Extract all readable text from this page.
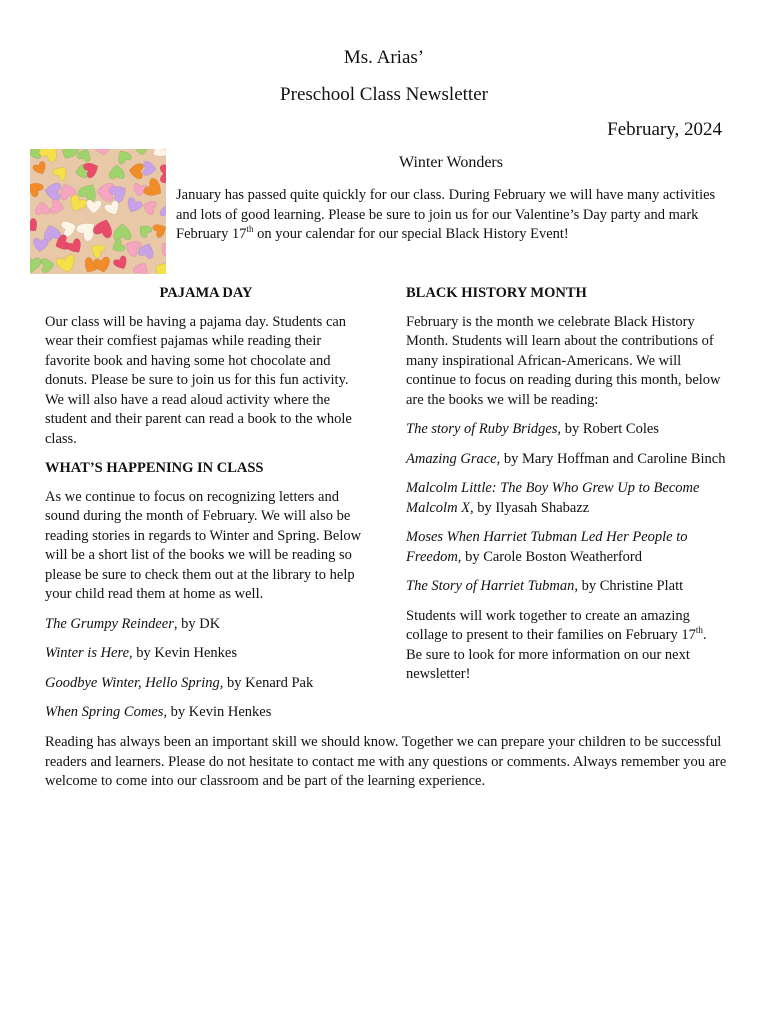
Ms. Arias’
Preschool Class Newsletter
February, 2024
Winter Wonders
January has passed quite quickly for our class. During February we will have many activities and lots of good learning. Please be sure to join us for our Valentine’s Day party and mark February 17th on your calendar for our special Black History Event!
PAJAMA DAY

Our class will be having a pajama day. Students can wear their comfiest pajamas while reading their favorite book and having some hot chocolate and donuts. Please be sure to join us for this fun activity. We will also have a read aloud activity where the student and their parent can read a book to the whole class.

WHAT’S HAPPENING IN CLASS

As we continue to focus on recognizing letters and sound during the month of February. We will also be reading stories in regards to Winter and Spring. Below will be a short list of the books we will be reading so please be sure to check them out at the library to help your child read them at home as well.

The Grumpy Reindeer, by DK
Winter is Here, by Kevin Henkes
Goodbye Winter, Hello Spring, by Kenard Pak
When Spring Comes, by Kevin Henkes
BLACK HISTORY MONTH

February is the month we celebrate Black History Month. Students will learn about the contributions of many inspirational African-Americans. We will continue to focus on reading during this month, below are the books we will be reading:

The story of Ruby Bridges, by Robert Coles
Amazing Grace, by Mary Hoffman and Caroline Binch
Malcolm Little: The Boy Who Grew Up to Become Malcolm X, by Ilyasah Shabazz
Moses When Harriet Tubman Led Her People to Freedom, by Carole Boston Weatherford
The Story of Harriet Tubman, by Christine Platt

Students will work together to create an amazing collage to present to their families on February 17th. Be sure to look for more information on our next newsletter!

Reading has always been an important skill we should know. Together we can prepare your children to be successful readers and learners. Please do not hesitate to contact me with any questions or comments. Always remember you are welcome to come into our classroom and be part of the learning experience.
